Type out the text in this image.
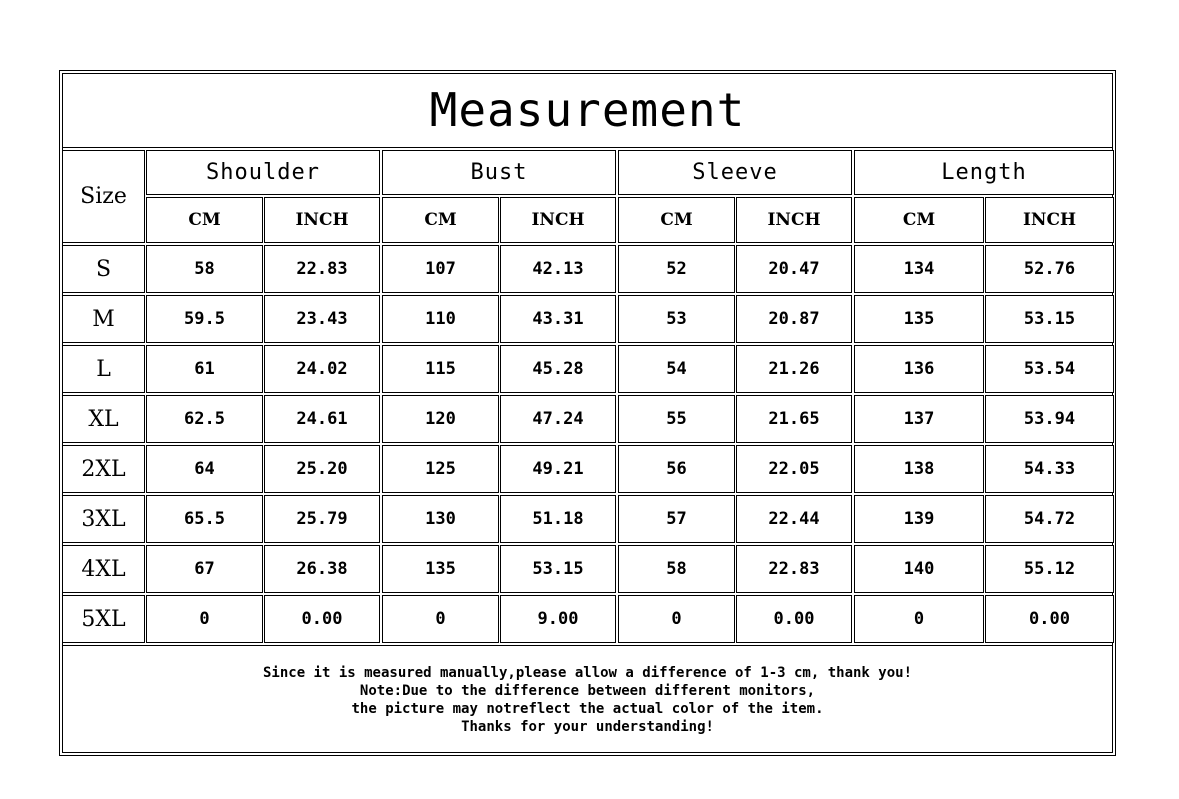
Measurement
Size
Shoulder
CM	INCH
Bust
CM	INCH
Sleeve
CM	INCH
Length
CM	INCH
S	58	22.83	107	42.13	52	20.47	134	52.76
M	59.5	23.43	110	43.31	53	20.87	135	53.15
L	61	24.02	115	45.28	54	21.26	136	53.54
XL	62.5	24.61	120	47.24	55	21.65	137	53.94
2XL	64	25.20	125	49.21	56	22.05	138	54.33
3XL	65.5	25.79	130	51.18	57	22.44	139	54.72
4XL	67	26.38	135	53.15	58	22.83	140	55.12
5XL	0	0.00	0	9.00	0	0.00	0	0.00
Since it is measured manually,please allow a difference of 1-3 cm, thank you!
Note:Due to the difference between different monitors,
the picture may notreflect the actual color of the item.
Thanks for your understanding!
